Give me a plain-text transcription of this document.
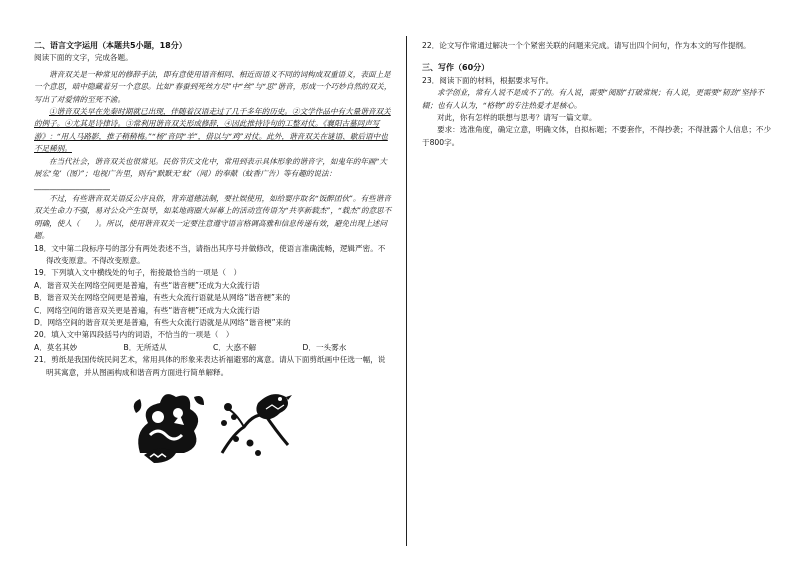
二、语言文字运用（本题共5小题，18分）

阅读下面的文字，完成各题。

谐音双关是一种常见的修辞手法，即有意使用语音相同、相近而语义不同的词构成双重语义，表面上是一个意思，暗中隐藏着另一个意思。比如“春蚕到死丝方尽”中“丝”与“思”谐音，形成一个巧妙自然的双关，写出了对爱情的至死不渝。

①谐音双关早在先秦时期就已出现，伴随着汉语走过了几千多年的历史。②文学作品中有大量谐音双关的例子。④尤其是诗律诗。③常利用谐音双关形成修辞，④因此推持诗句的工整对仗。《襄阳古墓同声写游》：“用人马路影，推子稍稍梅。”“杨”音同“羊”，借以与“鸡”对仗。此外，谐音双关在谜语、歇后语中也不足稀别。

在当代社会，谐音双关也很常见。民俗节庆文化中，常用到表示具体形象的谐音字，如鬼年的年画“大展宏‘兔’（图）”；电视广告里，则有“默默无‘蚊’（闻）的奉献（蚊香广告）等有趣的说法：

____________________

不过，有些谐音双关语反公序良俗，背弃道德法制，要社娱使用，如给婴序取名“饭醉团伙”。有些谐音双关生命力不强，易对公众产生误导，如某地商圈大屏幕上的活动宣传语为“共享新载杰”，“载杰”的意思不明确，使人（　　）。所以，使用谐音双关一定要注意遵守语言格调高雅和信息传递有效，避免出现上述问题。

18．文中第二段标序号的部分有两处表述不当，请指出其序号并做修改，使语言准确流畅，逻辑严密。不得改变原意。不得改变原意。

19．下列填入文中横线处的句子，衔接最恰当的一项是（　）

A．谐音双关在网络空间更是普遍，有些“谐音梗”还成为大众流行语

B．谐音双关在网络空间更是普遍，有些大众流行语就是从网络“谐音梗”来的

C．网络空间的谐音双关更是普遍，有些“谐音梗”还成为大众流行语

D．网络空间的谐音双关更是普遍，有些大众流行语就是从网络“谐音梗”来的

20．填入文中第四段括号内的词语，不恰当的一项是（　）

A．莫名其妙	B．无所适从	C．大惑不解	D．一头雾水

21．剪纸是我国传统民间艺术，常用具体的形象来表达祈福避邪的寓意。请从下面剪纸画中任选一幅，说明其寓意，并从图画构成和谐音两方面进行简单解释。

22．论文写作常通过解决一个个紧密关联的问题来完成。请写出四个问句，作为本文的写作提纲。

三、写作（60分）

23．阅读下面的材料，根据要求写作。

求学创业，常有人说不是成不了的。有人说，需要“阅励”打破常规；有人说，更需要“韧劲”坚持不辍；也有人认为，“格物”的专注热爱才是核心。

对此，你有怎样的联想与思考？请写一篇文章。

要求：选准角度，确定立意，明确文体，自拟标题；不要套作，不得抄袭；不得泄露个人信息；不少于800字。
